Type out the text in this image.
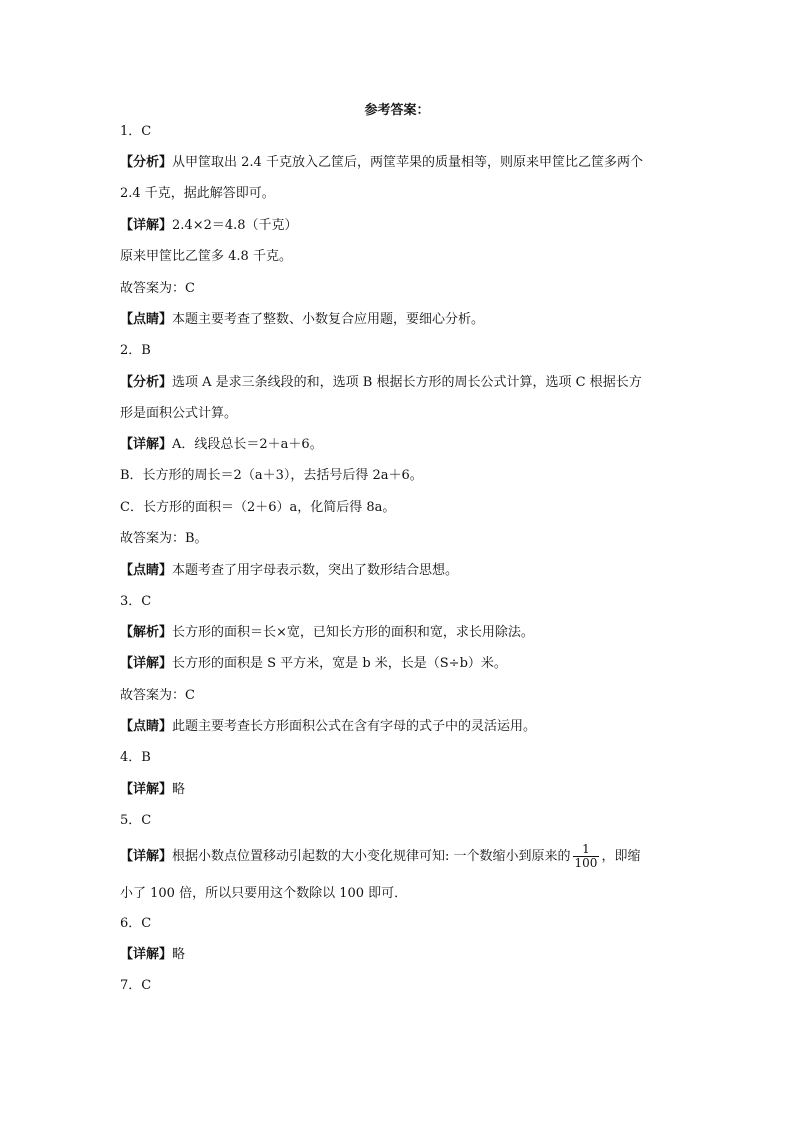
参考答案：
1．C
【分析】从甲筐取出 2.4 千克放入乙筐后，两筐苹果的质量相等，则原来甲筐比乙筐多两个
2.4 千克，据此解答即可。
【详解】2.4×2＝4.8（千克）
原来甲筐比乙筐多 4.8 千克。
故答案为：C
【点睛】本题主要考查了整数、小数复合应用题，要细心分析。
2．B
【分析】选项 A 是求三条线段的和，选项 B 根据长方形的周长公式计算，选项 C 根据长方
形是面积公式计算。
【详解】A．线段总长＝2＋a＋6。
B．长方形的周长＝2（a＋3），去括号后得 2a＋6。
C．长方形的面积＝（2＋6）a，化简后得 8a。
故答案为：B。
【点睛】本题考查了用字母表示数，突出了数形结合思想。
3．C
【解析】长方形的面积＝长×宽，已知长方形的面积和宽，求长用除法。
【详解】长方形的面积是 S 平方米，宽是 b 米，长是（S÷b）米。
故答案为：C
【点睛】此题主要考查长方形面积公式在含有字母的式子中的灵活运用。
4．B
【详解】略
5．C
【详解】根据小数点位置移动引起数的大小变化规律可知: 一个数缩小到原来的 $\frac{1}{100}$ ，即缩
小了 100 倍，所以只要用这个数除以 100 即可．
6．C
【详解】略
7．C
